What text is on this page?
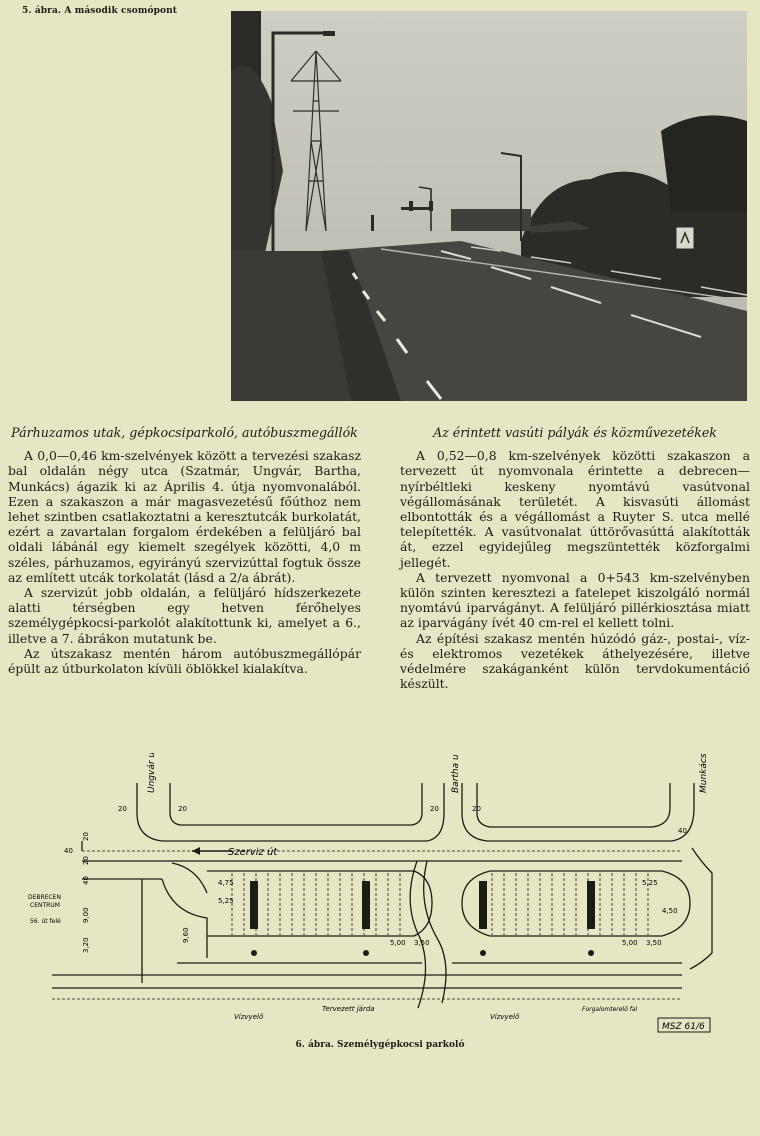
5. ábra. A második csomópont
Párhuzamos utak, gépkocsiparkoló, autóbuszmegállók

A 0,0—0,46 km-szelvények között a tervezési szakasz bal oldalán négy utca (Szatmár, Ungvár, Bartha, Munkács) ágazik ki az Április 4. útja nyomvonalából. Ezen a szakaszon a már magasvezetésű főúthoz nem lehet szintben csatlakoztatni a keresztutcák burkolatát, ezért a zavartalan forgalom érdekében a felüljáró bal oldali lábánál egy kiemelt szegélyek közötti, 4,0 m széles, párhuzamos, egyirányú szervizúttal fogtuk össze az említett utcák torkolatát (lásd a 2/a ábrát).

A szervizút jobb oldalán, a felüljáró hídszerkezete alatti térségben egy hetven férőhelyes személygépkocsi-parkolót alakítottunk ki, amelyet a 6., illetve a 7. ábrákon mutatunk be.

Az útszakasz mentén három autóbuszmegállópár épült az útburkolaton kívüli öblökkel kialakítva.

Az érintett vasúti pályák és közművezetékek

A 0,52—0,8 km-szelvények közötti szakaszon a tervezett út nyomvonala érintette a debrecen—nyírbéltleki keskeny nyomtávú vasútvonal végállomásának területét. A kisvasúti állomást elbontották és a végállomást a Ruyter S. utca mellé telepítették. A vasútvonalat úttörővasúttá alakították át, ezzel egyidejűleg megszüntették közforgalmi jellegét.

A tervezett nyomvonal a 0+543 km-szelvényben külön szinten keresztezi a fatelepet kiszolgáló normál nyomtávú iparvágányt. A felüljáró pillérkiosztása miatt az iparvágány ívét 40 cm-rel el kellett tolni.

Az építési szakasz mentén húzódó gáz-, postai-, víz- és elektromos vezetékek áthelyezésére, illetve védelmére szakáganként külön tervdokumentáció készült.

Ungvár u	Bartha u	Munkács u
Szerviz út
DEBRECEN
CENTRUM
56. út felé
Vízvyelő	Vízvyelő
Tervezett járda	Forgalomterelő fal
MSZ 61/6
20	20	20	20
20
20
40
40
40
9,00
3,20
4,75
5,25
9,60	5,00 3,50
5,25
4,50
5,00 3,50
6. ábra. Személygépkocsi parkoló
